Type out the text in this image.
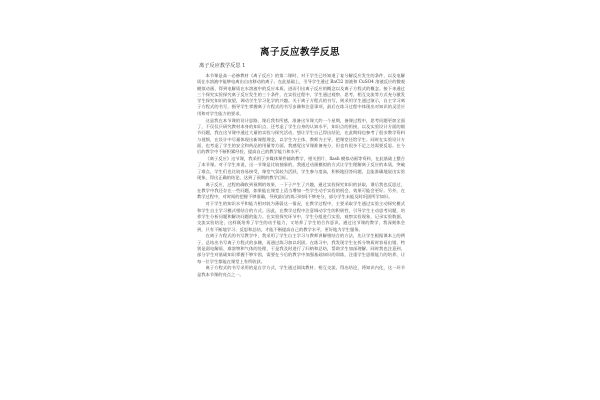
离子反应教学反思
离子反应教学反思 1

本节课是高一必修教材《离子反应》的第二课时，对于学生已经知道了复分解反应发生的条件，以及电解质在水溶液中能够电离出自由移动的离子。在此基础上，引导学生通过 BaCl2 溶液和 CuSO4 溶液反应的微观模拟动画，得到电解质在水溶液中的反应本质，进而引出离子反应的概念以及离子方程式的概念。接下来通过三个探究实验探究离子反应发生的三个条件，在实验过程中，学生通过观察、思考，相互交流等方式充分激发学生探究知识的欲望，调动学生学习化学的兴趣。关于离子方程式的书写，则采用学生通过演示，自主学习离子方程式的书写，指导学生掌握离子方程式的书写步骤和注意事项，最后在练习过程中体现出对知识的灵活应用和对学生能力的要求。

这是我在本节课的设计思路，课后我有所感，准备这节课大约一个星期，备课过程中，思考问题更加全面了，不仅仅只研究教材本身的知识点，还考虑了学生自身的认知水平，知识点的衔接，以及实验设计方面的细节问题，我在这节课中通过大量的实验与探究活动，想让学生自己得出结论，在此期间也参考了很多教学资料与视频，在设计中尽量体现出新课程理念，以学生为主体，教师为主导，把课堂还给学生。同时在实验设计方面，也考虑了学生的安全和药品的用量等方面，我感觉这节课准备充分，但也有很多不足之处需要反思。在今后的教学中不断积累经验，提高自己的教学能力和水平。

《离子反应》这节课，我采用了多媒体课件辅助教学，相关图片、flash 模拟动画等资料，在此基础上整合了本节课。对于学生来说，这一节课是比较抽象的，我通过动画模拟的方式让学生理解离子反应的本质，突破了难点，学生们也比较容易接受，课堂气氛较为活跃，学生参与度高，积极地回答问题，且能准确地说出实验现象，得出正确的结论，达到了预期的教学目标。

离子反应，过程的确收到预期的效果，一下子产生了兴趣，通过实验探究知识的获取，课后我也反思过，在教学中我还存在一些问题，如果能在课堂上适当增加一些学生动手实验的机会，效果可能会更好。另外，在教学过程中，对时间的把握不够准确，导致最后的练习时间不够充分，部分学生未能及时巩固所学知识。

对于学生的知识水平和能力相对较为薄弱这一情况，在教学过程中，主要采取学生通过实验主动探究模式和学生自主学习模式相结合的方式。因此，在教学过程中注意调动学生的积极性，引导学生主动思考问题，培养学生分析问题和解决问题的能力。在实验探究环节中，学生分组进行实验，观察实验现象，记录实验数据，交流实验结论，这样既培养了学生的动手能力，又培养了学生的合作意识。通过这节课的教学，我深刻体会到，只有不断地学习、反思和总结，才能不断提高自己的教学水平，更好地为学生服务。

在离子方程式的书写教学中，我采用了学生自主学习与教师讲解相结合的方法，先让学生根据课本上的例子，总结出书写离子方程式的步骤，再通过练习加以巩固。在练习中，我发现学生在拆分物质时容易出错，特别是弱电解质、难溶物和气体的处理，于是我及时进行了归纳和总结，帮助学生加深理解。同时我也注意到，部分学生对基础知识掌握不够牢固，需要在今后的教学中加强基础知识的训练，注重学生思维能力的培养，让每一位学生都能在课堂上有所收获。

离子方程式的书写采用的是自学方式，学生通过阅读教材、相互交流，得出结论，将知识内化，这一环节是我本节课的亮点之一。
